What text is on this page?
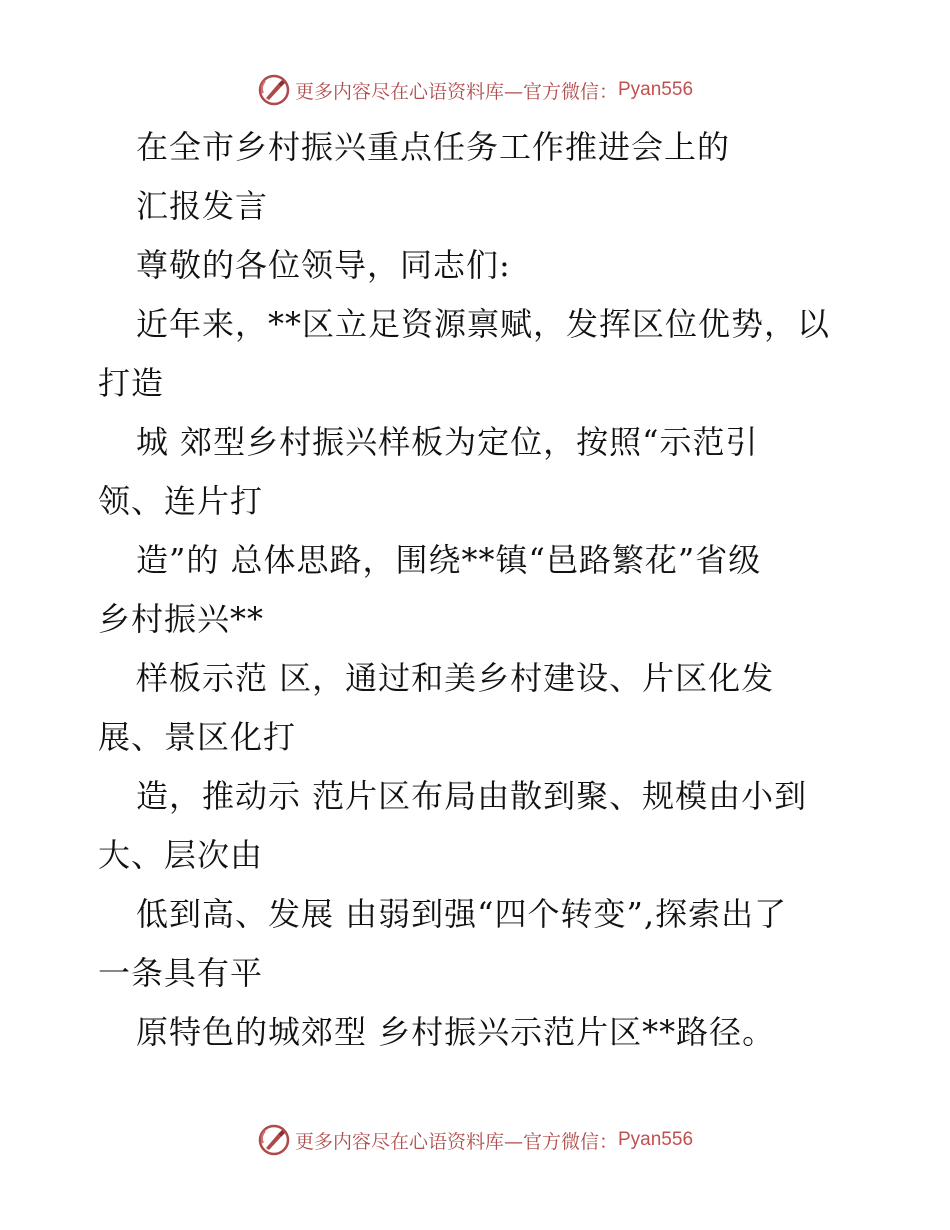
更多内容尽在心语资料库—官方微信： Pyan556
在全市乡村振兴重点任务工作推进会上的
汇报发言
尊敬的各位领导，同志们:
近年来，**区立足资源禀赋，发挥区位优势，以
打造
城 郊型乡村振兴样板为定位，按照“示范引
领、连片打
造”的 总体思路，围绕**镇“邑路繁花”省级
乡村振兴**
样板示范 区，通过和美乡村建设、片区化发
展、景区化打
造，推动示 范片区布局由散到聚、规模由小到
大、层次由
低到高、发展 由弱到强“四个转变”,探索出了
一条具有平
原特色的城郊型 乡村振兴示范片区**路径。
更多内容尽在心语资料库—官方微信： Pyan556
